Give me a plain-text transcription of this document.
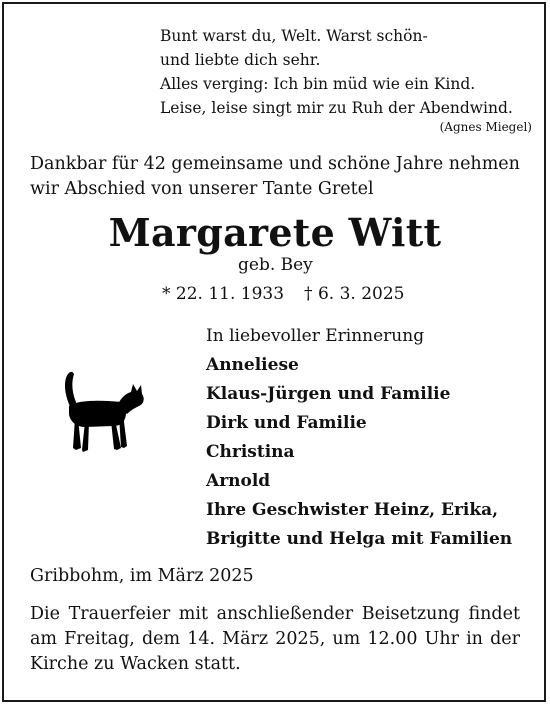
Bunt warst du, Welt. Warst schön-
und liebte dich sehr.
Alles verging: Ich bin müd wie ein Kind.
Leise, leise singt mir zu Ruh der Abendwind.
(Agnes Miegel)
Dankbar für 42 gemeinsame und schöne Jahre nehmen
wir Abschied von unserer Tante Gretel
Margarete Witt
geb. Bey
* 22. 11. 1933 † 6. 3. 2025
In liebevoller Erinnerung
Anneliese
Klaus-Jürgen und Familie
Dirk und Familie
Christina
Arnold
Ihre Geschwister Heinz, Erika,
Brigitte und Helga mit Familien
Gribbohm, im März 2025
Die Trauerfeier mit anschließender Beisetzung findet
am Freitag, dem 14. März 2025, um 12.00 Uhr in der
Kirche zu Wacken statt.
